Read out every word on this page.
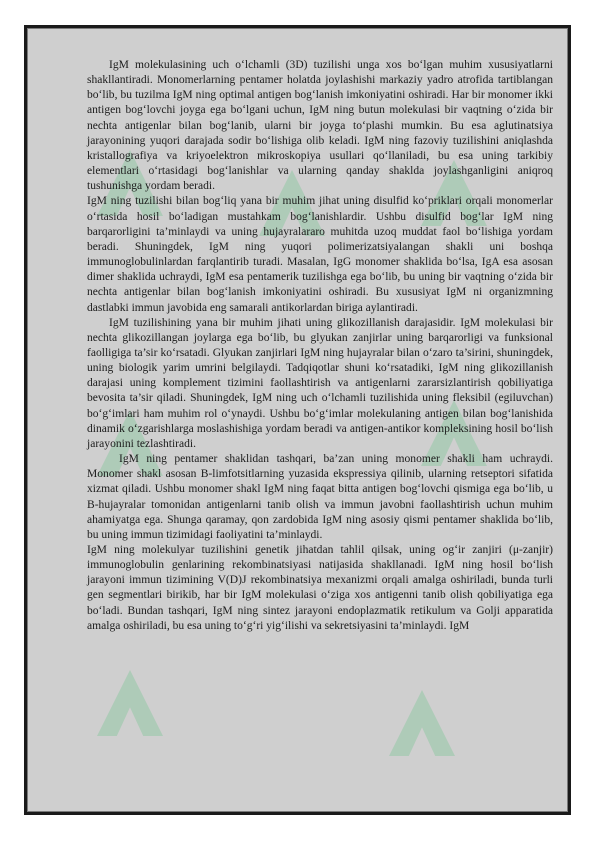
IgM molekulasining uch o‘lchamli (3D) tuzilishi unga xos bo‘lgan muhim xususiyatlarni shakllantiradi. Monomerlarning pentamer holatda joylashishi markaziy yadro atrofida tartiblangan bo‘lib, bu tuzilma IgM ning optimal antigen bog‘lanish imkoniyatini oshiradi. Har bir monomer ikki antigen bog‘lovchi joyga ega bo‘lgani uchun, IgM ning butun molekulasi bir vaqtning o‘zida bir nechta antigenlar bilan bog‘lanib, ularni bir joyga to‘plashi mumkin. Bu esa aglutinatsiya jarayonining yuqori darajada sodir bo‘lishiga olib keladi. IgM ning fazoviy tuzilishini aniqlashda kristallografiya va kriyoelektron mikroskopiya usullari qo‘llaniladi, bu esa uning tarkibiy elementlari o‘rtasidagi bog‘lanishlar va ularning qanday shaklda joylashganligini aniqroq tushunishga yordam beradi.

IgM ning tuzilishi bilan bog‘liq yana bir muhim jihat uning disulfid ko‘priklari orqali monomerlar o‘rtasida hosil bo‘ladigan mustahkam bog‘lanishlardir. Ushbu disulfid bog‘lar IgM ning barqarorligini ta’minlaydi va uning hujayralararo muhitda uzoq muddat faol bo‘lishiga yordam beradi. Shuningdek, IgM ning yuqori polimerizatsiyalangan shakli uni boshqa immunoglobulinlardan farqlantirib turadi. Masalan, IgG monomer shaklida bo‘lsa, IgA esa asosan dimer shaklida uchraydi, IgM esa pentamerik tuzilishga ega bo‘lib, bu uning bir vaqtning o‘zida bir nechta antigenlar bilan bog‘lanish imkoniyatini oshiradi. Bu xususiyat IgM ni organizmning dastlabki immun javobida eng samarali antikorlardan biriga aylantiradi.

IgM tuzilishining yana bir muhim jihati uning glikozillanish darajasidir. IgM molekulasi bir nechta glikozillangan joylarga ega bo‘lib, bu glyukan zanjirlar uning barqarorligi va funksional faolligiga ta’sir ko‘rsatadi. Glyukan zanjirlari IgM ning hujayralar bilan o‘zaro ta’sirini, shuningdek, uning biologik yarim umrini belgilaydi. Tadqiqotlar shuni ko‘rsatadiki, IgM ning glikozillanish darajasi uning komplement tizimini faollashtirish va antigenlarni zararsizlantirish qobiliyatiga bevosita ta’sir qiladi. Shuningdek, IgM ning uch o‘lchamli tuzilishida uning fleksibil (egiluvchan) bo‘g‘imlari ham muhim rol o‘ynaydi. Ushbu bo‘g‘imlar molekulaning antigen bilan bog‘lanishida dinamik o‘zgarishlarga moslashishiga yordam beradi va antigen-antikor kompleksining hosil bo‘lish jarayonini tezlashtiradi.

IgM ning pentamer shaklidan tashqari, ba’zan uning monomer shakli ham uchraydi. Monomer shakl asosan B-limfotsitlarning yuzasida ekspressiya qilinib, ularning retseptori sifatida xizmat qiladi. Ushbu monomer shakl IgM ning faqat bitta antigen bog‘lovchi qismiga ega bo‘lib, u B-hujayralar tomonidan antigenlarni tanib olish va immun javobni faollashtirish uchun muhim ahamiyatga ega. Shunga qaramay, qon zardobida IgM ning asosiy qismi pentamer shaklida bo‘lib, bu uning immun tizimidagi faoliyatini ta’minlaydi.

IgM ning molekulyar tuzilishini genetik jihatdan tahlil qilsak, uning og‘ir zanjiri (μ-zanjir) immunoglobulin genlarining rekombinatsiyasi natijasida shakllanadi. IgM ning hosil bo‘lish jarayoni immun tizimining V(D)J rekombinatsiya mexanizmi orqali amalga oshiriladi, bunda turli gen segmentlari birikib, har bir IgM molekulasi o‘ziga xos antigenni tanib olish qobiliyatiga ega bo‘ladi. Bundan tashqari, IgM ning sintez jarayoni endoplazmatik retikulum va Golji apparatida amalga oshiriladi, bu esa uning to‘g‘ri yig‘ilishi va sekretsiyasini ta’minlaydi. IgM
